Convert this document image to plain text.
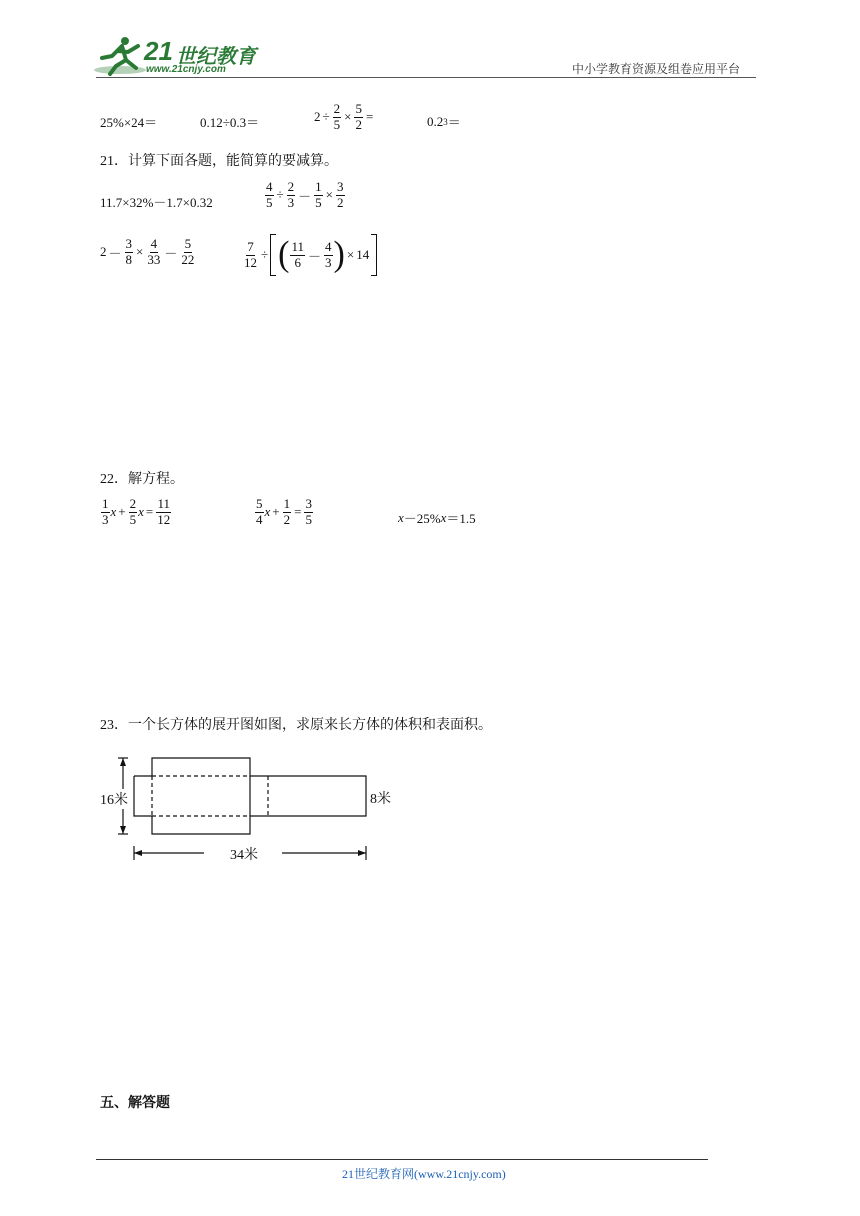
21 世纪教育
www.21cnjy.com	中小学教育资源及组卷应用平台
25%×24＝	0.12÷0.3＝	$2 \div \frac{2}{5} \times \frac{5}{2}$ =	0.2 3 ＝
21．计算下面各题，能简算的要减算。
11.7×32%－1.7×0.32	$\frac{4}{5} \div \frac{2}{3} - \frac{1}{5} \times \frac{3}{2}$
$2 - \frac{3}{8} \times \frac{4}{33} - \frac{5}{22}$	$\frac{7}{12}$ ÷ ( $\frac{11}{6} - \frac{4}{3}$ ) × 14
22．解方程。
$\frac{1}{3}$ $x + \frac{2}{5}$ $x = \frac{11}{12}$	$\frac{5}{4}$ $x + \frac{1}{2} = \frac{3}{5}$	x －25% x ＝1.5
23．一个长方体的展开图如图，求原来长方体的体积和表面积。
16米	8米
34米
五、解答题
21世纪教育网(www.21cnjy.com)
